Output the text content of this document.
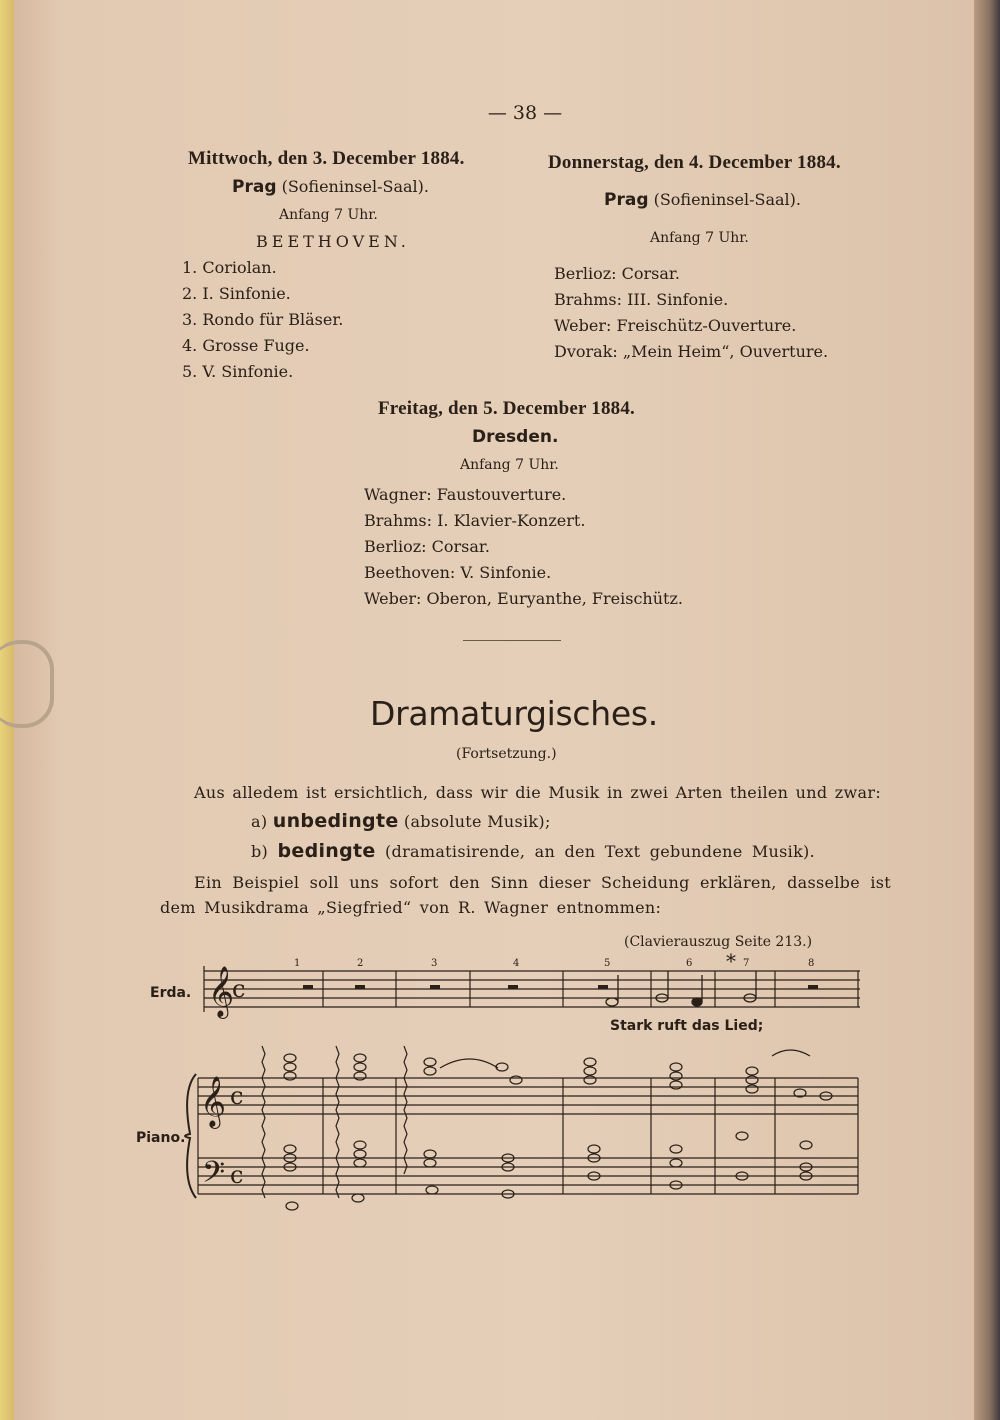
— 38 —
Mittwoch, den 3. December 1884.
Prag (Sofieninsel-Saal).
Anfang 7 Uhr.
BEETHOVEN.
1. Coriolan.
2. I. Sinfonie.
3. Rondo für Bläser.
4. Grosse Fuge.
5. V. Sinfonie.
Donnerstag, den 4. December 1884.
Prag (Sofieninsel-Saal).
Anfang 7 Uhr.
Berlioz: Corsar.
Brahms: III. Sinfonie.
Weber: Freischütz-Ouverture.
Dvorak: „Mein Heim“, Ouverture.
Freitag, den 5. December 1884.
Dresden.
Anfang 7 Uhr.
Wagner: Faustouverture.
Brahms: I. Klavier-Konzert.
Berlioz: Corsar.
Beethoven: V. Sinfonie.
Weber: Oberon, Euryanthe, Freischütz.
Dramaturgisches.
(Fortsetzung.)
Aus alledem ist ersichtlich, dass wir die Musik in zwei Arten theilen und zwar:
a) unbedingte (absolute Musik);
b) bedingte (dramatisirende, an den Text gebundene Musik).
Ein Beispiel soll uns sofort den Sinn dieser Scheidung erklären, dasselbe ist
dem Musikdrama „Siegfried“ von R. Wagner entnommen:
(Clavierauszug Seite 213.)
𝄞
c
Erda.
Stark ruft das Lied;
*
1	2	3	4	5	6	7	8
𝄞 c
𝄢 c
Piano.
